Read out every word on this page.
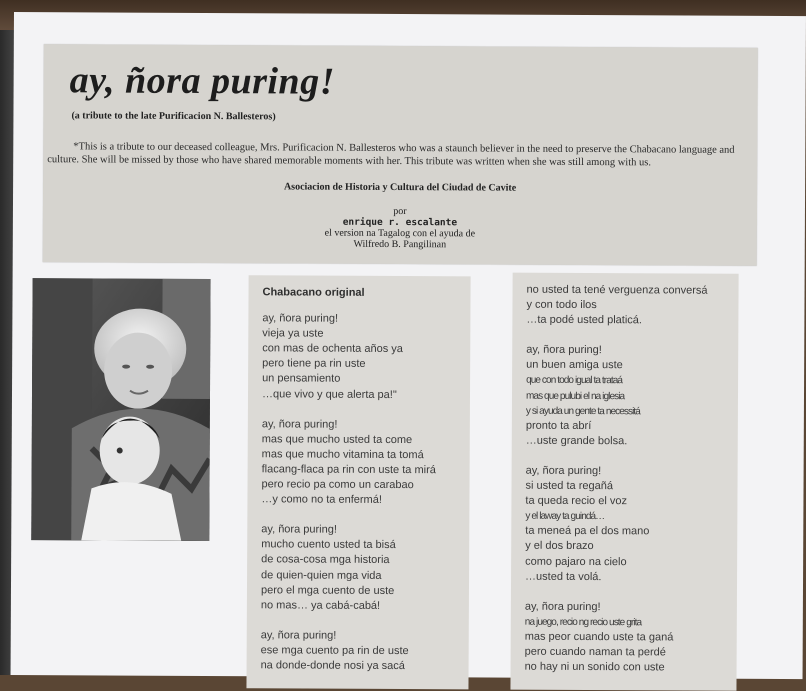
ay, ñora puring!
(a tribute to the late Purificacion N. Ballesteros)
*This is a tribute to our deceased colleague, Mrs. Purificacion N. Ballesteros who was a staunch believer in the need to preserve the Chabacano language and culture. She will be missed by those who have shared memorable moments with her. This tribute was written when she was still among with us.
Asociacion de Historia y Cultura del Ciudad de Cavite
por
enrique r. escalante
el version na Tagalog con el ayuda de
Wilfredo B. Pangilinan
Chabacano original
ay, ñora puring!
vieja ya uste
con mas de ochenta años ya
pero tiene pa rin uste
un pensamiento
…que vivo y que alerta pa!"
ay, ñora puring!
mas que mucho usted ta come
mas que mucho vitamina ta tomá
flacang-flaca pa rin con uste ta mirá
pero recio pa como un carabao
…y como no ta enfermá!
ay, ñora puring!
mucho cuento usted ta bisá
de cosa-cosa mga historia
de quien-quien mga vida
pero el mga cuento de uste
no mas… ya cabá-cabá!
ay, ñora puring!
ese mga cuento pa rin de uste
na donde-donde nosi ya sacá
no usted ta tené verguenza conversá
y con todo ilos
…ta podé usted platicá.
ay, ñora puring!
un buen amiga uste
que con todo igual ta trataá
mas que pulubi el na iglesia
y si ayuda un gente ta necessitá
pronto ta abrí
…uste grande bolsa.
ay, ñora puring!
si usted ta regañá
ta queda recio el voz
y el laway ta guindá…
ta meneá pa el dos mano
y el dos brazo
como pajaro na cielo
…usted ta volá.
ay, ñora puring!
na juego, recio ng recio uste grita
mas peor cuando uste ta ganá
pero cuando naman ta perdé
no hay ni un sonido con uste
